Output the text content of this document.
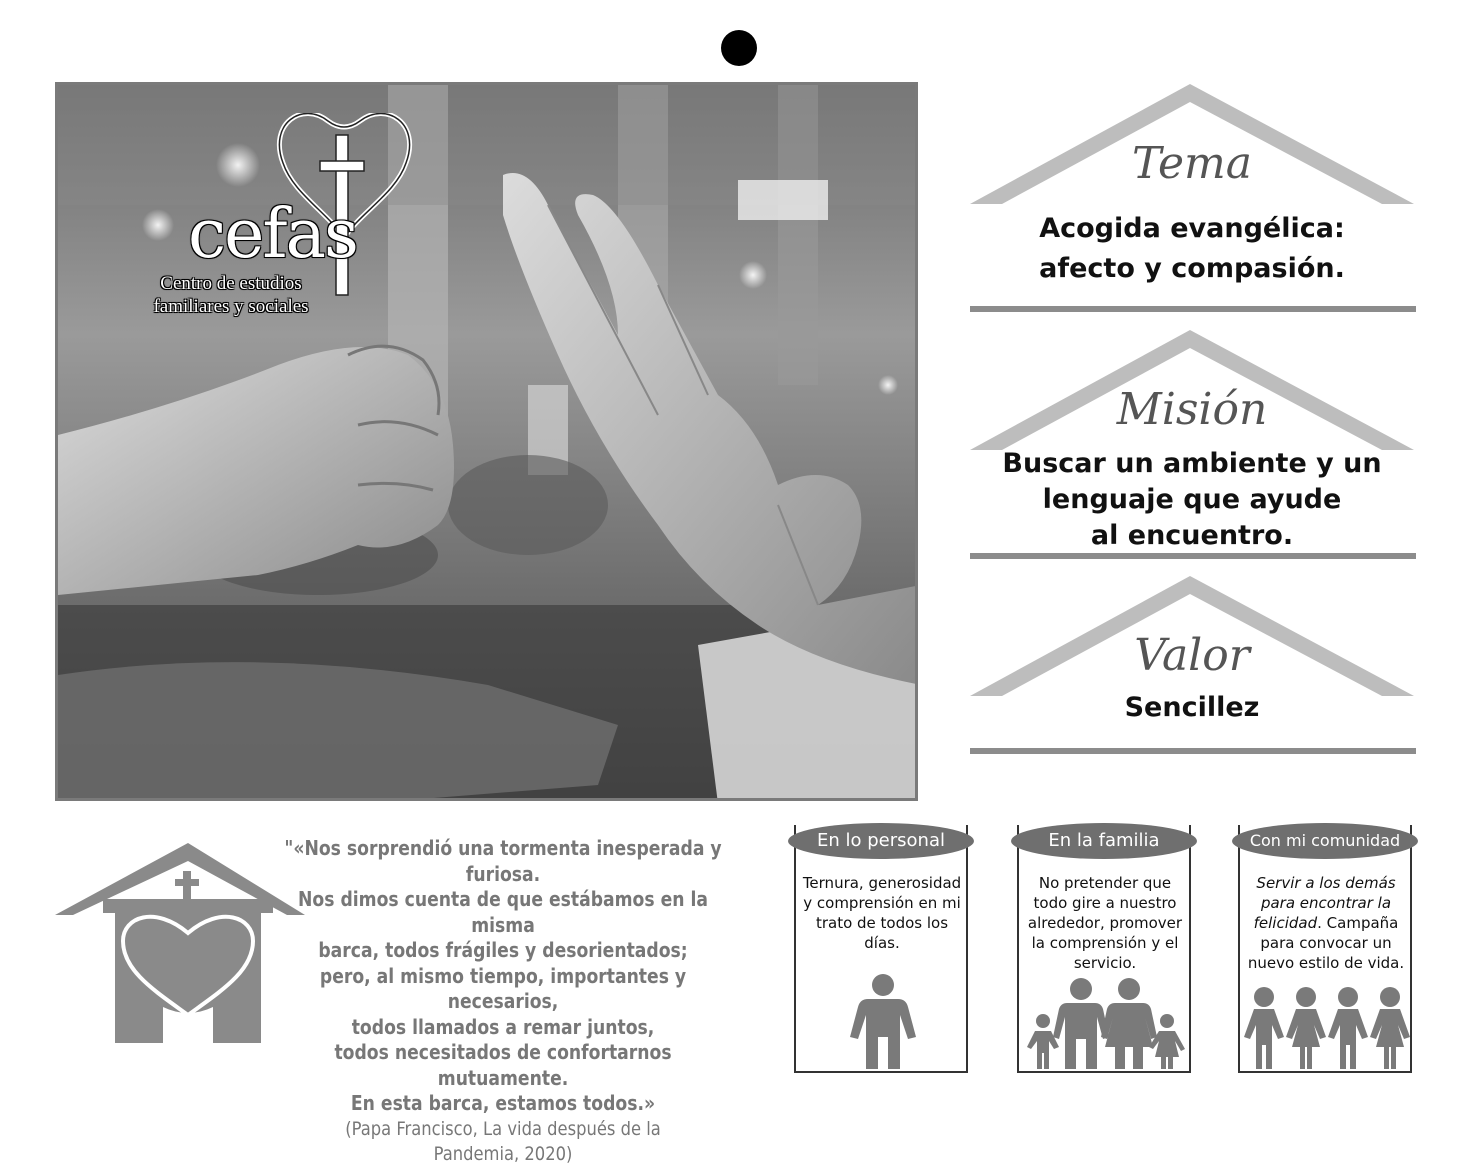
cefas
Centro de estudios
familiares y sociales
Tema
Acogida evangélica:
afecto y compasión.
Misión
Buscar un ambiente y un
lenguaje que ayude
al encuentro.
Valor
Sencillez
"«Nos sorprendió una tormenta inesperada y furiosa.
Nos dimos cuenta de que estábamos en la misma
barca, todos frágiles y desorientados;
pero, al mismo tiempo, importantes y necesarios,
todos llamados a remar juntos,
todos necesitados de confortarnos mutuamente.
En esta barca, estamos todos.»
(Papa Francisco, La vida después de la
Pandemia, 2020)
En lo personal
Ternura, generosidad y comprensión en mi trato de todos los días.
En la familia
No pretender que todo gire a nuestro alrededor, promover la comprensión y el servicio.
Con mi comunidad
Servir a los demás para encontrar la felicidad. Campaña para convocar un nuevo estilo de vida.
